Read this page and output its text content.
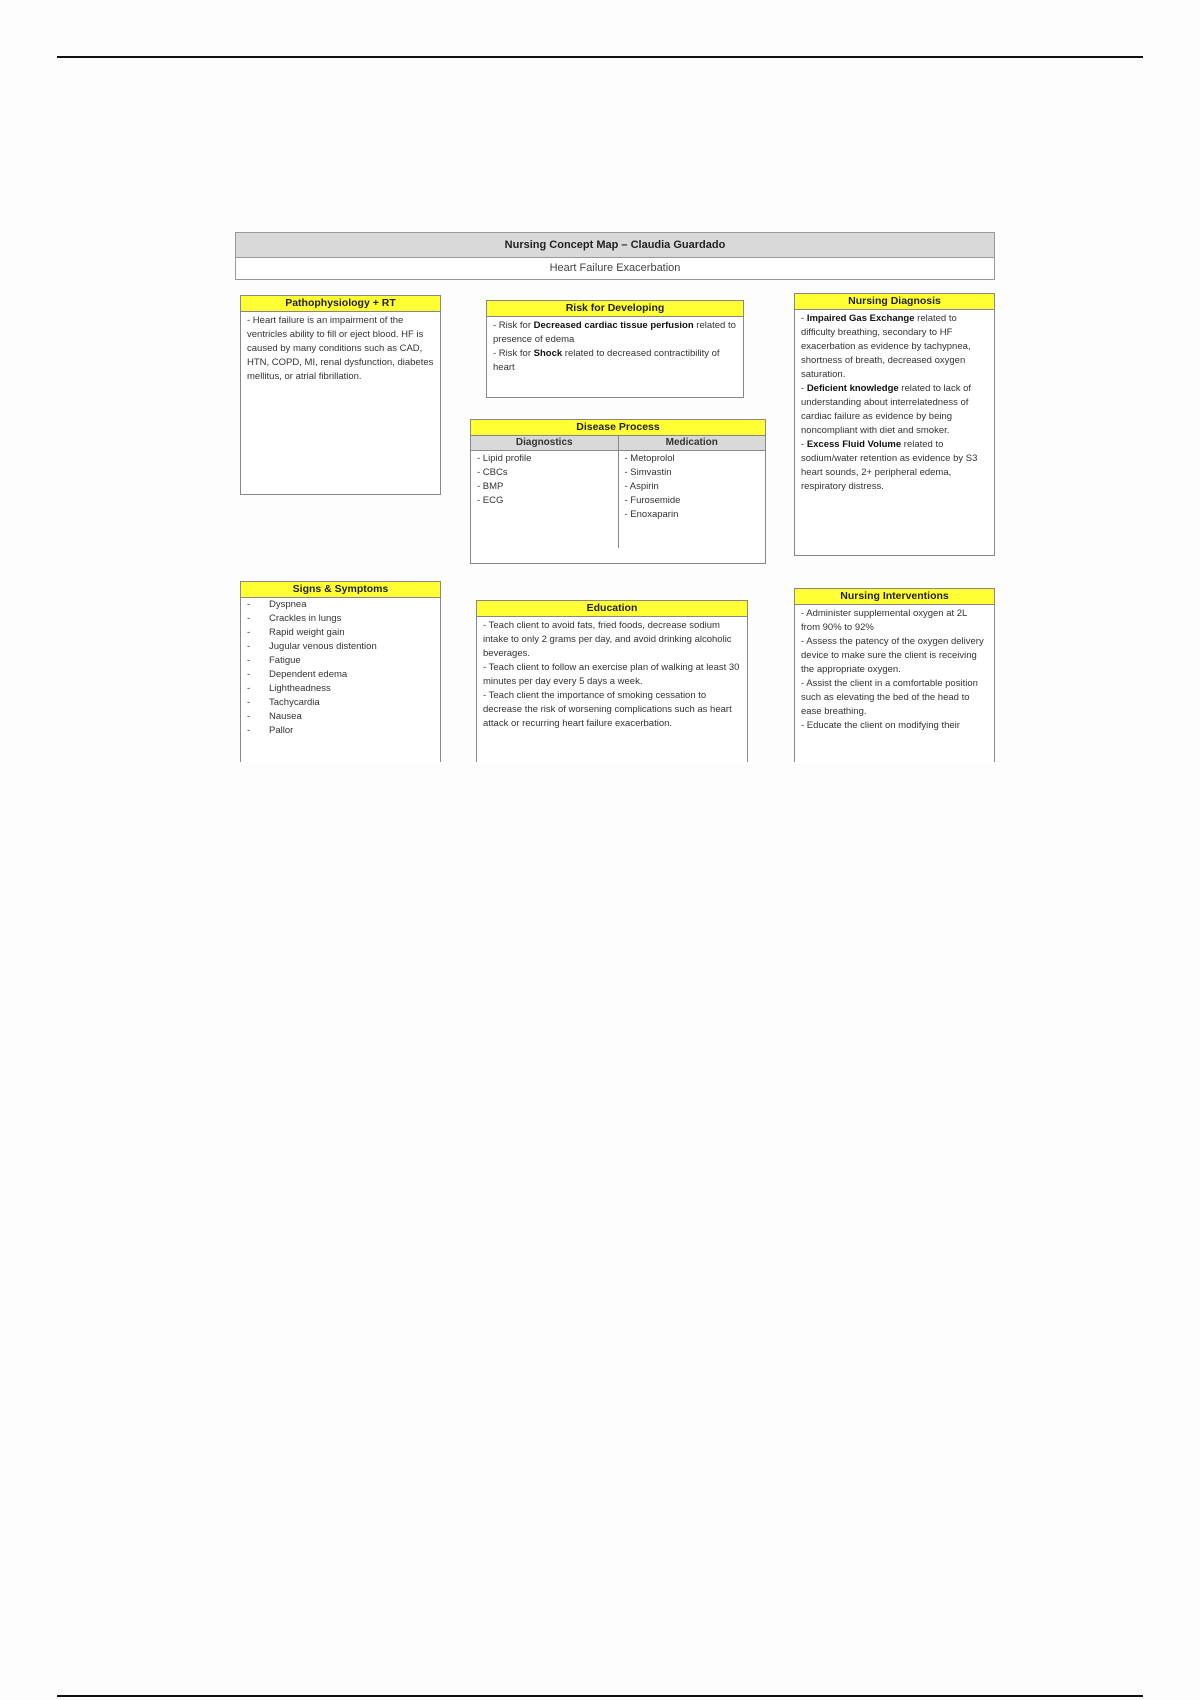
Nursing Concept Map – Claudia Guardado
Heart Failure Exacerbation
Pathophysiology + RT

- Heart failure is an impairment of the ventricles ability to fill or eject blood. HF is caused by many conditions such as CAD, HTN, COPD, MI, renal dysfunction, diabetes mellitus, or atrial fibrillation.

Risk for Developing

- Risk for Decreased cardiac tissue perfusion related to presence of edema

- Risk for Shock related to decreased contractibility of heart

Nursing Diagnosis

- Impaired Gas Exchange related to difficulty breathing, secondary to HF exacerbation as evidence by tachypnea, shortness of breath, decreased oxygen saturation.

- Deficient knowledge related to lack of understanding about interrelatedness of cardiac failure as evidence by being noncompliant with diet and smoker.

- Excess Fluid Volume related to sodium/water retention as evidence by S3 heart sounds, 2+ peripheral edema, respiratory distress.

Disease Process
Diagnostics

- Lipid profile

- CBCs

- BMP

- ECG

Medication

- Metoprolol

- Simvastin

- Aspirin

- Furosemide

- Enoxaparin

Signs & Symptoms
- Dyspnea
- Crackles in lungs
- Rapid weight gain
- Jugular venous distention
- Fatigue
- Dependent edema
- Lightheadness
- Tachycardia
- Nausea
- Pallor
Education

- Teach client to avoid fats, fried foods, decrease sodium intake to only 2 grams per day, and avoid drinking alcoholic beverages.

- Teach client to follow an exercise plan of walking at least 30 minutes per day every 5 days a week.

- Teach client the importance of smoking cessation to decrease the risk of worsening complications such as heart attack or recurring heart failure exacerbation.

Nursing Interventions

- Administer supplemental oxygen at 2L from 90% to 92%

- Assess the patency of the oxygen delivery device to make sure the client is receiving the appropriate oxygen.

- Assist the client in a comfortable position such as elevating the bed of the head to ease breathing.

- Educate the client on modifying their
